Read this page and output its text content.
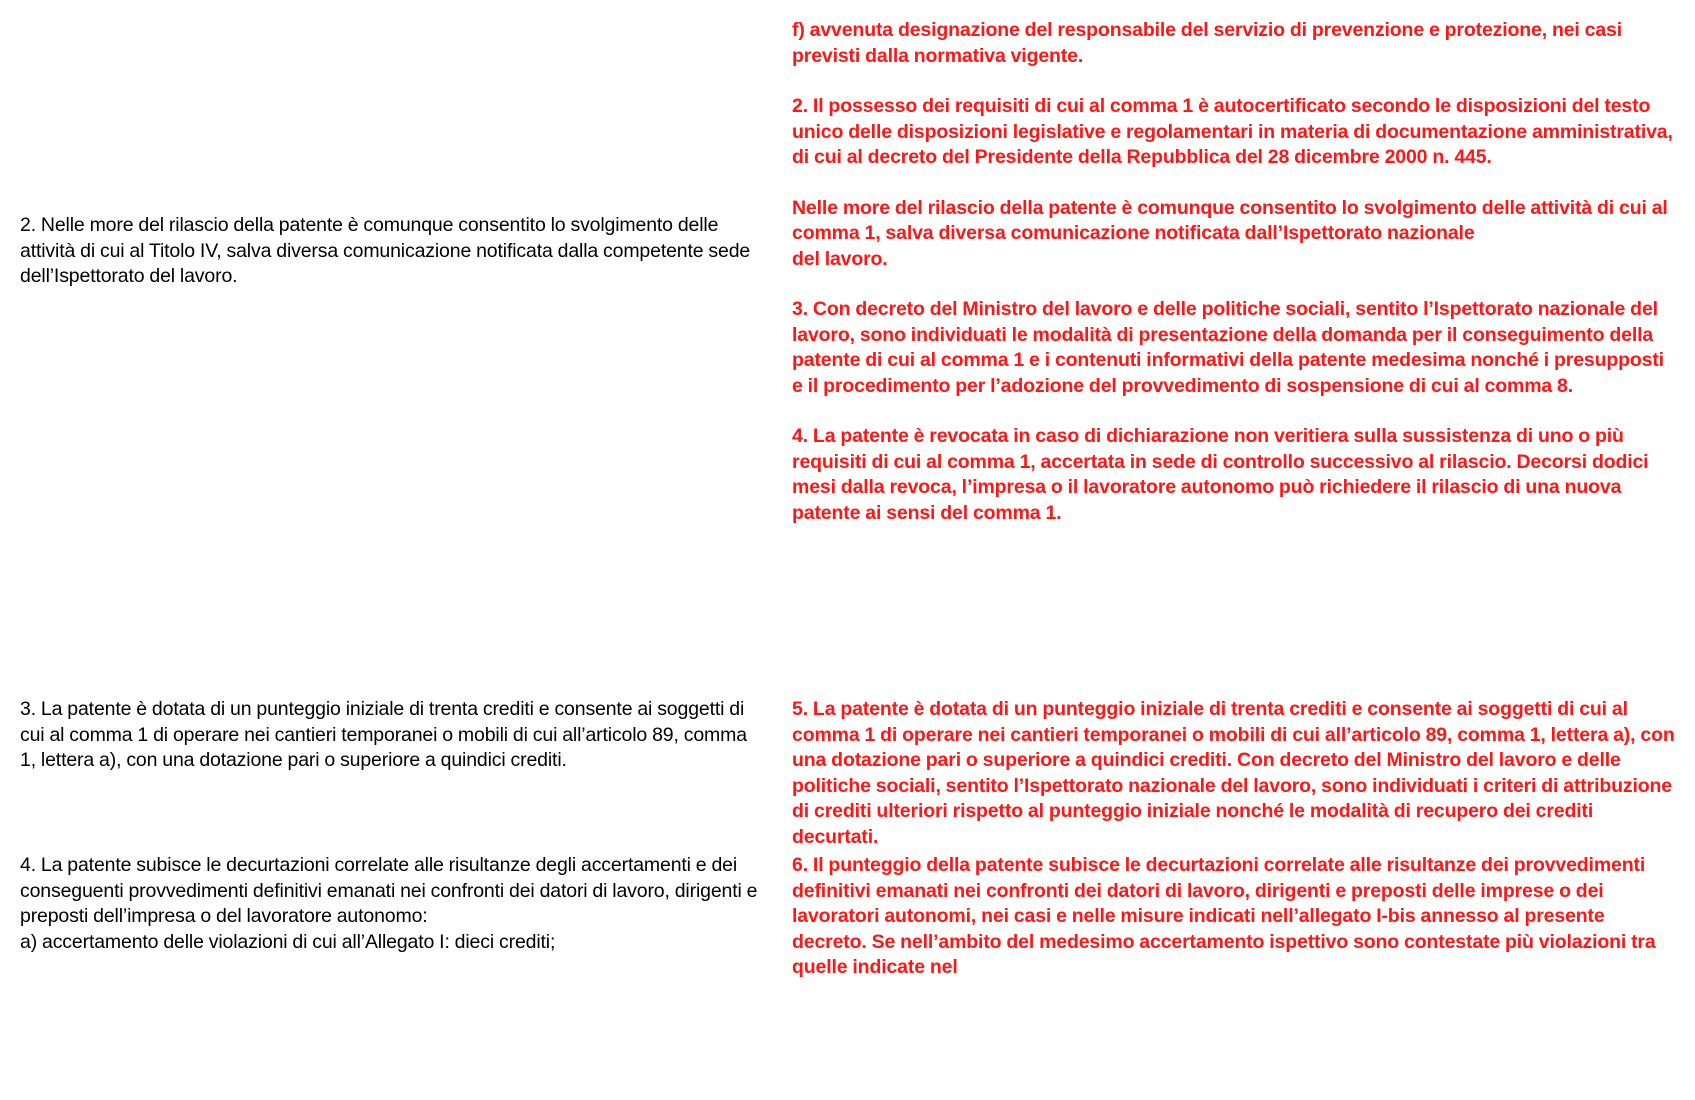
2. Nelle more del rilascio della patente è comunque consentito lo svolgimento delle attività di cui al Titolo IV, salva diversa comunicazione notificata dalla competente sede dell’Ispettorato del lavoro.

f) avvenuta designazione del responsabile del servizio di prevenzione e protezione, nei casi previsti dalla normativa vigente.

2. Il possesso dei requisiti di cui al comma 1 è autocertificato secondo le disposizioni del testo unico delle disposizioni legislative e regolamentari in materia di documentazione amministrativa, di cui al decreto del Presidente della Repubblica del 28 dicembre 2000 n. 445.

Nelle more del rilascio della patente è comunque consentito lo svolgimento delle attività di cui al comma 1, salva diversa comunicazione notificata dall’Ispettorato nazionale
del lavoro.

3. Con decreto del Ministro del lavoro e delle politiche sociali, sentito l’Ispettorato nazionale del lavoro, sono individuati le modalità di presentazione della domanda per il conseguimento della patente di cui al comma 1 e i contenuti informativi della patente medesima nonché i presupposti e il procedimento per l’adozione del provvedimento di sospensione di cui al comma 8.

4. La patente è revocata in caso di dichiarazione non veritiera sulla sussistenza di uno o più requisiti di cui al comma 1, accertata in sede di controllo successivo al rilascio. Decorsi dodici mesi dalla revoca, l’impresa o il lavoratore autonomo può richiedere il rilascio di una nuova patente ai sensi del comma 1.

3. La patente è dotata di un punteggio iniziale di trenta crediti e consente ai soggetti di cui al comma 1 di operare nei cantieri temporanei o mobili di cui all’articolo 89, comma 1, lettera a), con una dotazione pari o superiore a quindici crediti.

5. La patente è dotata di un punteggio iniziale di trenta crediti e consente ai soggetti di cui al comma 1 di operare nei cantieri temporanei o mobili di cui all’articolo 89, comma 1, lettera a), con una dotazione pari o superiore a quindici crediti. Con decreto del Ministro del lavoro e delle politiche sociali, sentito l’Ispettorato nazionale del lavoro, sono individuati i criteri di attribuzione di crediti ulteriori rispetto al punteggio iniziale nonché le modalità di recupero dei crediti decurtati.

4. La patente subisce le decurtazioni correlate alle risultanze degli accertamenti e dei conseguenti provvedimenti definitivi emanati nei confronti dei datori di lavoro, dirigenti e preposti dell’impresa o del lavoratore autonomo:
a) accertamento delle violazioni di cui all’Allegato I: dieci crediti;

6. Il punteggio della patente subisce le decurtazioni correlate alle risultanze dei provvedimenti definitivi emanati nei confronti dei datori di lavoro, dirigenti e preposti delle imprese o dei lavoratori autonomi, nei casi e nelle misure indicati nell’allegato I-bis annesso al presente decreto. Se nell’ambito del medesimo accertamento ispettivo sono contestate più violazioni tra quelle indicate nel
